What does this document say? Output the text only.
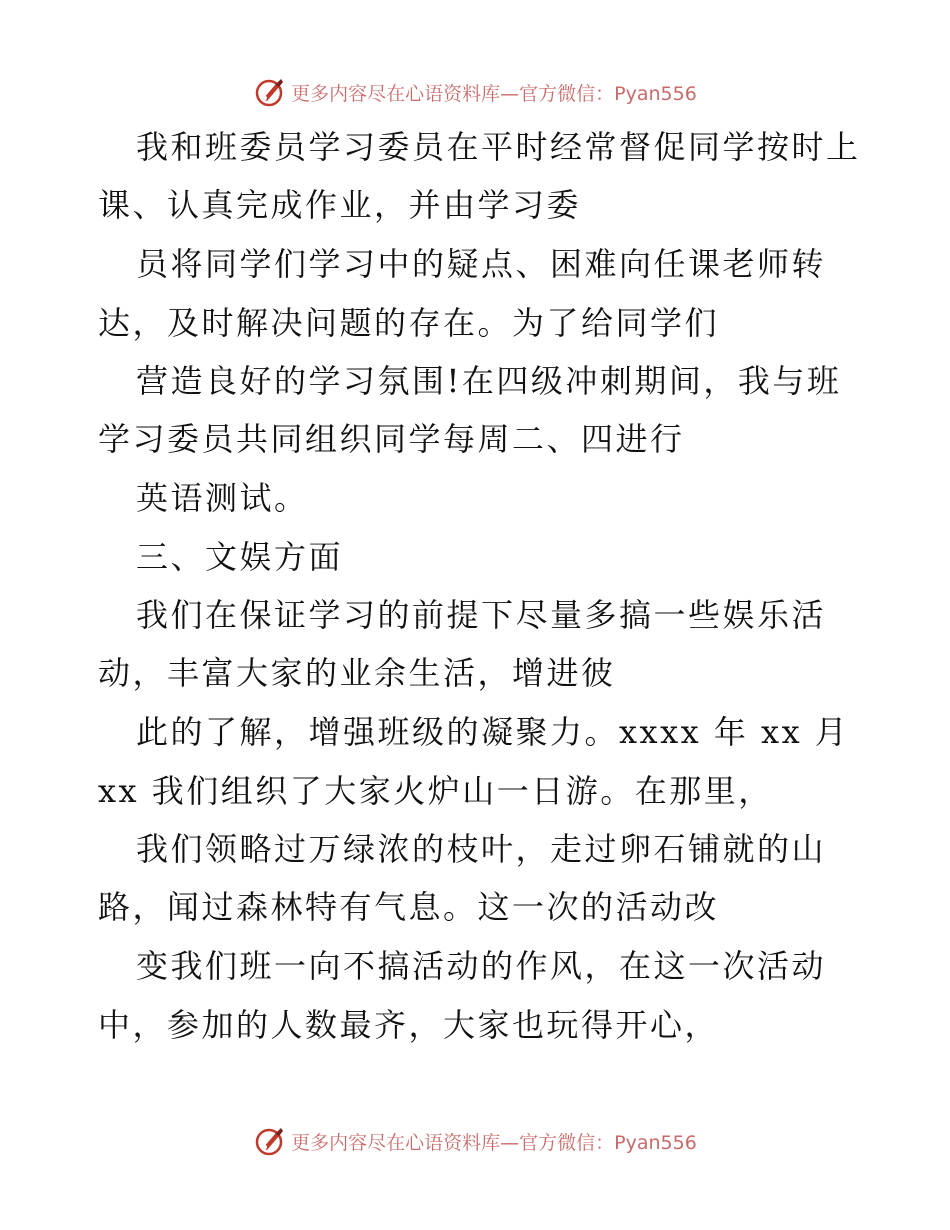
更多内容尽在心语资料库—官方微信：Pyan556
我和班委员学习委员在平时经常督促同学按时上
课、认真完成作业，并由学习委
员将同学们学习中的疑点、困难向任课老师转
达，及时解决问题的存在。为了给同学们
营造良好的学习氛围!在四级冲刺期间，我与班
学习委员共同组织同学每周二、四进行
英语测试。
三、文娱方面
我们在保证学习的前提下尽量多搞一些娱乐活
动，丰富大家的业余生活，增进彼
此的了解，增强班级的凝聚力。xxxx 年 xx 月
xx 我们组织了大家火炉山一日游。在那里，
我们领略过万绿浓的枝叶，走过卵石铺就的山
路，闻过森林特有气息。这一次的活动改
变我们班一向不搞活动的作风，在这一次活动
中，参加的人数最齐，大家也玩得开心，
更多内容尽在心语资料库—官方微信：Pyan556
